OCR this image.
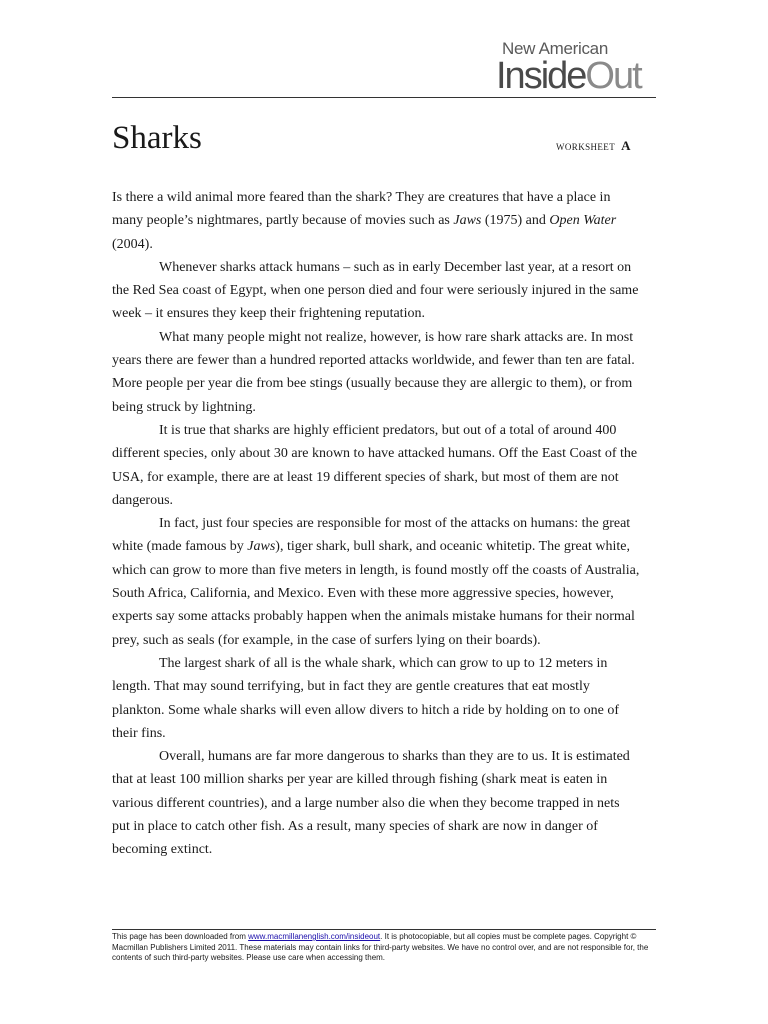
New American
InsideOut
Sharks	WORKSHEET A

Is there a wild animal more feared than the shark? They are creatures that have a place in many people’s nightmares, partly because of movies such as Jaws (1975) and Open Water (2004).

Whenever sharks attack humans – such as in early December last year, at a resort on the Red Sea coast of Egypt, when one person died and four were seriously injured in the same week – it ensures they keep their frightening reputation.

What many people might not realize, however, is how rare shark attacks are. In most years there are fewer than a hundred reported attacks worldwide, and fewer than ten are fatal. More people per year die from bee stings (usually because they are allergic to them), or from being struck by lightning.

It is true that sharks are highly efficient predators, but out of a total of around 400 different species, only about 30 are known to have attacked humans. Off the East Coast of the USA, for example, there are at least 19 different species of shark, but most of them are not dangerous.

In fact, just four species are responsible for most of the attacks on humans: the great white (made famous by Jaws), tiger shark, bull shark, and oceanic whitetip. The great white, which can grow to more than five meters in length, is found mostly off the coasts of Australia, South Africa, California, and Mexico. Even with these more aggressive species, however, experts say some attacks probably happen when the animals mistake humans for their normal prey, such as seals (for example, in the case of surfers lying on their boards).

The largest shark of all is the whale shark, which can grow to up to 12 meters in length. That may sound terrifying, but in fact they are gentle creatures that eat mostly plankton. Some whale sharks will even allow divers to hitch a ride by holding on to one of their fins.

Overall, humans are far more dangerous to sharks than they are to us. It is estimated that at least 100 million sharks per year are killed through fishing (shark meat is eaten in various different countries), and a large number also die when they become trapped in nets put in place to catch other fish. As a result, many species of shark are now in danger of becoming extinct.

This page has been downloaded from www.macmillanenglish.com/insideout. It is photocopiable, but all copies must be complete pages. Copyright © Macmillan Publishers Limited 2011. These materials may contain links for third-party websites. We have no control over, and are not responsible for, the contents of such third-party websites. Please use care when accessing them.
